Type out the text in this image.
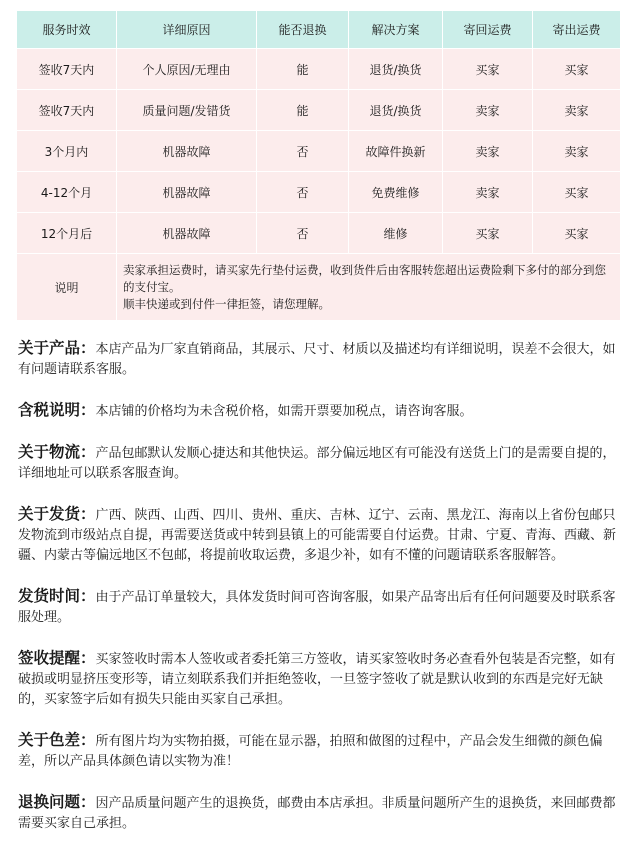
服务时效	详细原因	能否退换	解决方案	寄回运费	寄出运费
签收7天内	个人原因/无理由	能	退货/换货	买家	买家
签收7天内	质量问题/发错货	能	退货/换货	卖家	卖家
3个月内	机器故障	否	故障件换新	卖家	卖家
4-12个月	机器故障	否	免费维修	卖家	买家
12个月后	机器故障	否	维修	买家	买家
说明	卖家承担运费时，请买家先行垫付运费，收到货件后由客服转您超出运费险剩下多付的部分到您的支付宝。
顺丰快递或到付件一律拒签，请您理解。				

关于产品：本店产品为厂家直销商品，其展示、尺寸、材质以及描述均有详细说明，误差不会很大，如有问题请联系客服。

含税说明：本店铺的价格均为未含税价格，如需开票要加税点，请咨询客服。

关于物流：产品包邮默认发顺心捷达和其他快运。部分偏远地区有可能没有送货上门的是需要自提的，详细地址可以联系客服查询。

关于发货：广西、陕西、山西、四川、贵州、重庆、吉林、辽宁、云南、黑龙江、海南以上省份包邮只发物流到市级站点自提，再需要送货或中转到县镇上的可能需要自付运费。甘肃、宁夏、青海、西藏、新疆、内蒙古等偏远地区不包邮，将提前收取运费，多退少补，如有不懂的问题请联系客服解答。

发货时间：由于产品订单量较大，具体发货时间可咨询客服，如果产品寄出后有任何问题要及时联系客服处理。

签收提醒：买家签收时需本人签收或者委托第三方签收，请买家签收时务必查看外包装是否完整，如有破损或明显挤压变形等，请立刻联系我们并拒绝签收，一旦签字签收了就是默认收到的东西是完好无缺的，买家签字后如有损失只能由买家自己承担。

关于色差：所有图片均为实物拍摄，可能在显示器，拍照和做图的过程中，产品会发生细微的颜色偏差，所以产品具体颜色请以实物为准！

退换问题：因产品质量问题产生的退换货，邮费由本店承担。非质量问题所产生的退换货，来回邮费都需要买家自己承担。
